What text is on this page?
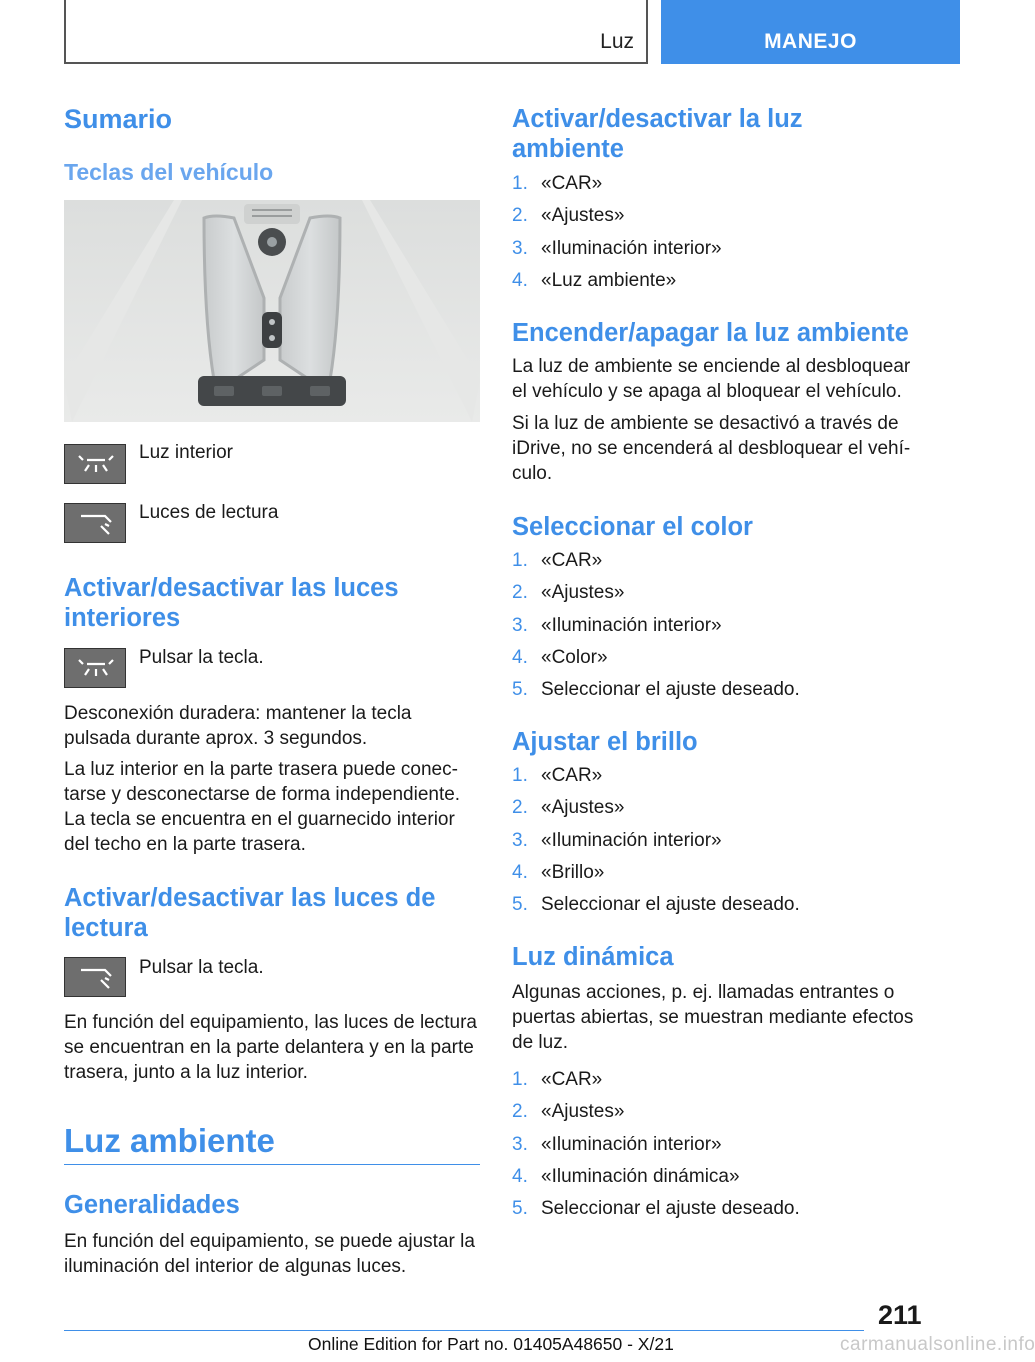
Luz	MANEJO
Sumario
Teclas del vehículo

Luz interior

Luces de lectura

Activar/desactivar las luces interiores

Pulsar la tecla.

Desconexión duradera: mantener la tecla pulsada durante aprox. 3 segundos.

La luz interior en la parte trasera puede conectarse y desconectarse de forma independiente. La tecla se encuentra en el guarnecido interior del techo en la parte trasera.

Activar/desactivar las luces de lectura

Pulsar la tecla.

En función del equipamiento, las luces de lectura se encuentran en la parte delantera y en la parte trasera, junto a la luz interior.

Luz ambiente
Generalidades

En función del equipamiento, se puede ajustar la iluminación del interior de algunas luces.

Activar/desactivar la luz ambiente
1. «CAR»
2. «Ajustes»
3. «Iluminación interior»
4. «Luz ambiente»
Encender/apagar la luz ambiente

La luz de ambiente se enciende al desbloquear el vehículo y se apaga al bloquear el vehículo.

Si la luz de ambiente se desactivó a través de iDrive, no se encenderá al desbloquear el vehículo.

Seleccionar el color
1. «CAR»
2. «Ajustes»
3. «Iluminación interior»
4. «Color»
5. Seleccionar el ajuste deseado.
Ajustar el brillo
1. «CAR»
2. «Ajustes»
3. «Iluminación interior»
4. «Brillo»
5. Seleccionar el ajuste deseado.
Luz dinámica

Algunas acciones, p. ej. llamadas entrantes o puertas abiertas, se muestran mediante efectos de luz.

1. «CAR»
2. «Ajustes»
3. «Iluminación interior»
4. «Iluminación dinámica»
5. Seleccionar el ajuste deseado.
211
Online Edition for Part no. 01405A48650 - X/21	carmanualsonline.info
